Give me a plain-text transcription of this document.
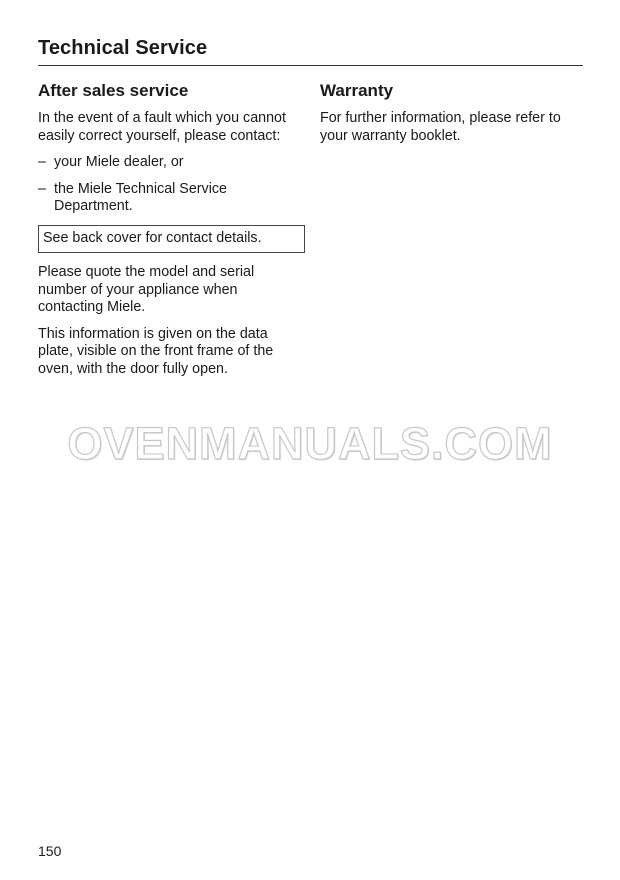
Technical Service
After sales service
In the event of a fault which you cannot easily correct yourself, please contact:
– your Miele dealer, or
– the Miele Technical Service Department.
See back cover for contact details.
Please quote the model and serial number of your appliance when contacting Miele.
This information is given on the data plate, visible on the front frame of the oven, with the door fully open.
Warranty
For further information, please refer to your warranty booklet.
OVENMANUALS.COM
150
